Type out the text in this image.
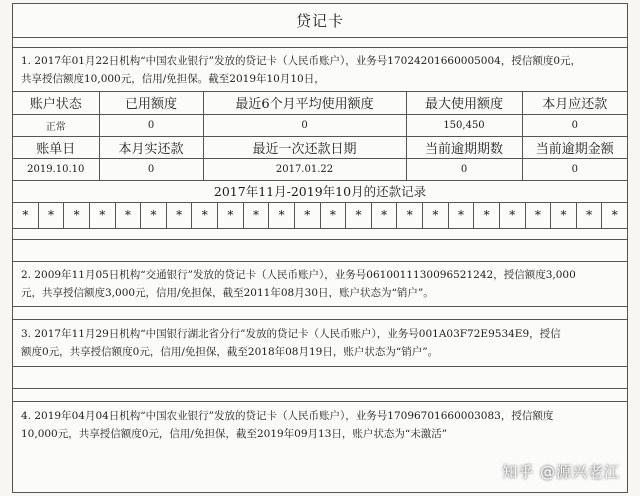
贷记卡
1. 2017年01月22日机构“中国农业银行”发放的贷记卡（人民币账户），业务号17024201660005004，授信额度0元，
共享授信额度10,000元，信用/免担保。截至2019年10月10日，
账户状态	已用额度	最近6个月平均使用额度	最大使用额度	本月应还款
正常	0	0	150,450	0
账单日	本月实还款	最近一次还款日期	当前逾期期数	当前逾期金额
2019.10.10	0	2017.01.22	0	0
2017年11月-2019年10月的还款记录
*	*	*	*	*	*	*	*	*	*	*	*	*	*	*	*	*	*	*	*	*	*	*	*
2. 2009年11月05日机构“交通银行”发放的贷记卡（人民币账户），业务号0610011130096521242，授信额度3,000
元，共享授信额度3,000元，信用/免担保，截至2011年08月30日，账户状态为“销户”。
3. 2017年11月29日机构“中国银行湖北省分行”发放的贷记卡（人民币账户），业务号001A03F72E9534E9，授信
额度0元，共享授信额度0元，信用/免担保，截至2018年08月19日，账户状态为“销户”。
4. 2019年04月04日机构“中国农业银行”发放的贷记卡（人民币账户），业务号17096701660003083，授信额度
10,000元，共享授信额度0元，信用/免担保，截至2019年09月13日，账户状态为“未激活”
知乎 @源兴老江
